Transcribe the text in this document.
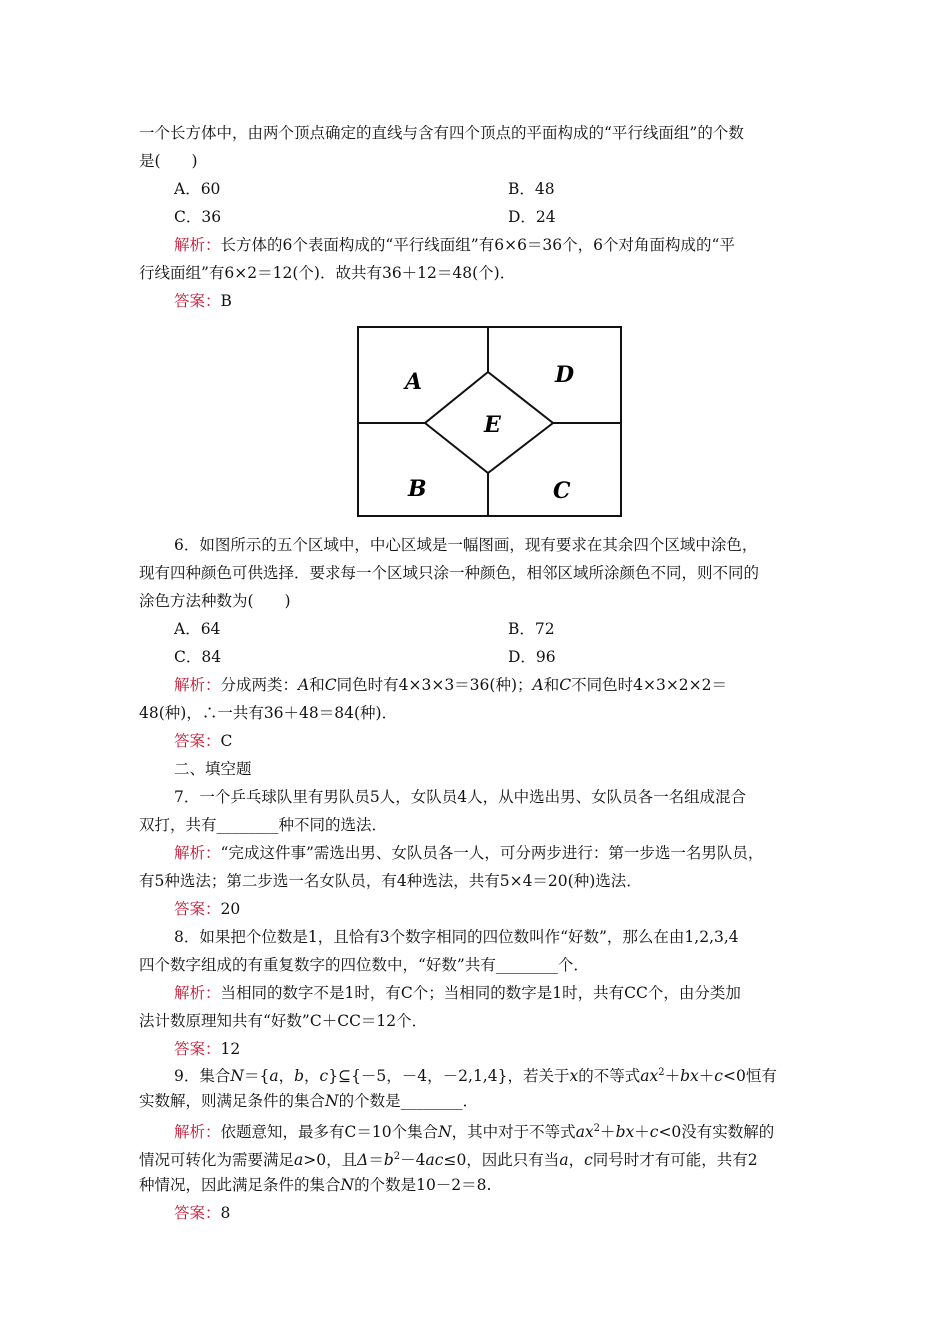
一个长方体中，由两个顶点确定的直线与含有四个顶点的平面构成的“平行线面组”的个数
是(　　)
A．60	B．48
C．36	D．24
解析：长方体的6个表面构成的“平行线面组”有6×6＝36个，6个对角面构成的“平
行线面组”有6×2＝12(个)．故共有36＋12＝48(个)．
答案：B
A	D
E
B	C
6．如图所示的五个区域中，中心区域是一幅图画，现有要求在其余四个区域中涂色，
现有四种颜色可供选择．要求每一个区域只涂一种颜色，相邻区域所涂颜色不同，则不同的
涂色方法种数为(　　)
A．64	B．72
C．84	D．96
解析：分成两类：A和C同色时有4×3×3＝36(种)；A和C不同色时4×3×2×2＝
48(种)，∴一共有36＋48＝84(种)．
答案：C
二、填空题
7．一个乒乓球队里有男队员5人，女队员4人，从中选出男、女队员各一名组成混合
双打，共有________种不同的选法．
解析：“完成这件事”需选出男、女队员各一人，可分两步进行：第一步选一名男队员，
有5种选法；第二步选一名女队员，有4种选法，共有5×4＝20(种)选法．
答案：20
8．如果把个位数是1，且恰有3个数字相同的四位数叫作“好数”，那么在由1,2,3,4
四个数字组成的有重复数字的四位数中，“好数”共有________个．
解析：当相同的数字不是1时，有C个；当相同的数字是1时，共有CC个，由分类加
法计数原理知共有“好数”C＋CC＝12个．
答案：12
9．集合N＝{a，b，c}⊆{－5，－4，－2,1,4}，若关于x的不等式$ax^2+bx+c<0$恒有
实数解，则满足条件的集合N的个数是________．
解析：依题意知，最多有C＝10个集合N，其中对于不等式$ax^2+bx+c<0$没有实数解的
情况可转化为需要满足a>0，且$\Delta=b^2-4ac\le 0$，因此只有当a，c同号时才有可能，共有2
种情况，因此满足条件的集合N的个数是10－2＝8.
答案：8
